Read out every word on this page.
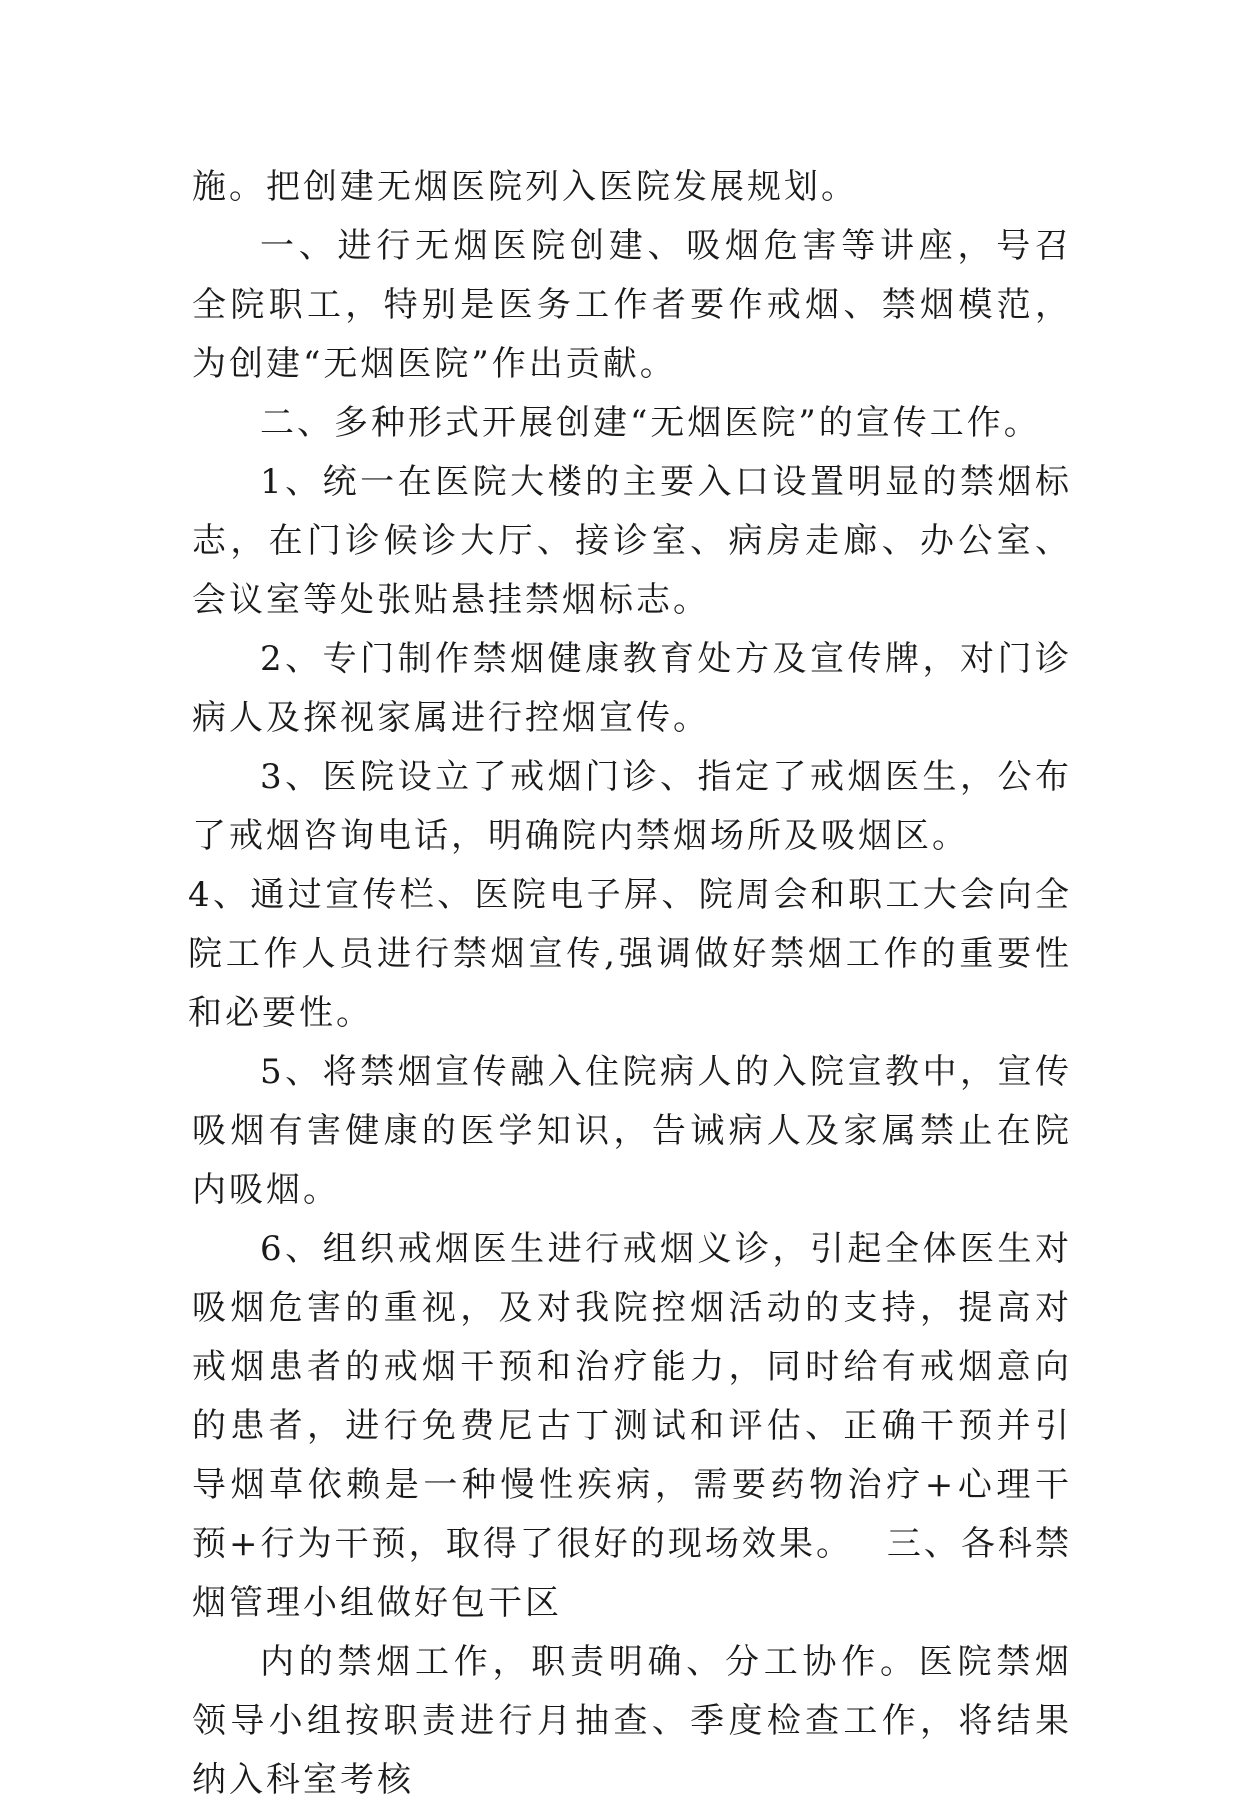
施。把创建无烟医院列入医院发展规划。

一、进行无烟医院创建、吸烟危害等讲座，号召全院职工，特别是医务工作者要作戒烟、禁烟模范，为创建“无烟医院”作出贡献。

二、多种形式开展创建“无烟医院”的宣传工作。

1、统一在医院大楼的主要入口设置明显的禁烟标志，在门诊候诊大厅、接诊室、病房走廊、办公室、会议室等处张贴悬挂禁烟标志。

2、专门制作禁烟健康教育处方及宣传牌，对门诊病人及探视家属进行控烟宣传。

3、医院设立了戒烟门诊、指定了戒烟医生，公布了戒烟咨询电话，明确院内禁烟场所及吸烟区。

4、通过宣传栏、医院电子屏、院周会和职工大会向全院工作人员进行禁烟宣传,强调做好禁烟工作的重要性和必要性。

5、将禁烟宣传融入住院病人的入院宣教中，宣传吸烟有害健康的医学知识，告诫病人及家属禁止在院内吸烟。

6、组织戒烟医生进行戒烟义诊，引起全体医生对吸烟危害的重视，及对我院控烟活动的支持，提高对戒烟患者的戒烟干预和治疗能力，同时给有戒烟意向的患者，进行免费尼古丁测试和评估、正确干预并引导烟草依赖是一种慢性疾病，需要药物治疗+心理干预+行为干预，取得了很好的现场效果。　 三、各科禁烟管理小组做好包干区

内的禁烟工作，职责明确、分工协作。医院禁烟领导小组按职责进行月抽查、季度检查工作，将结果纳入科室考核
